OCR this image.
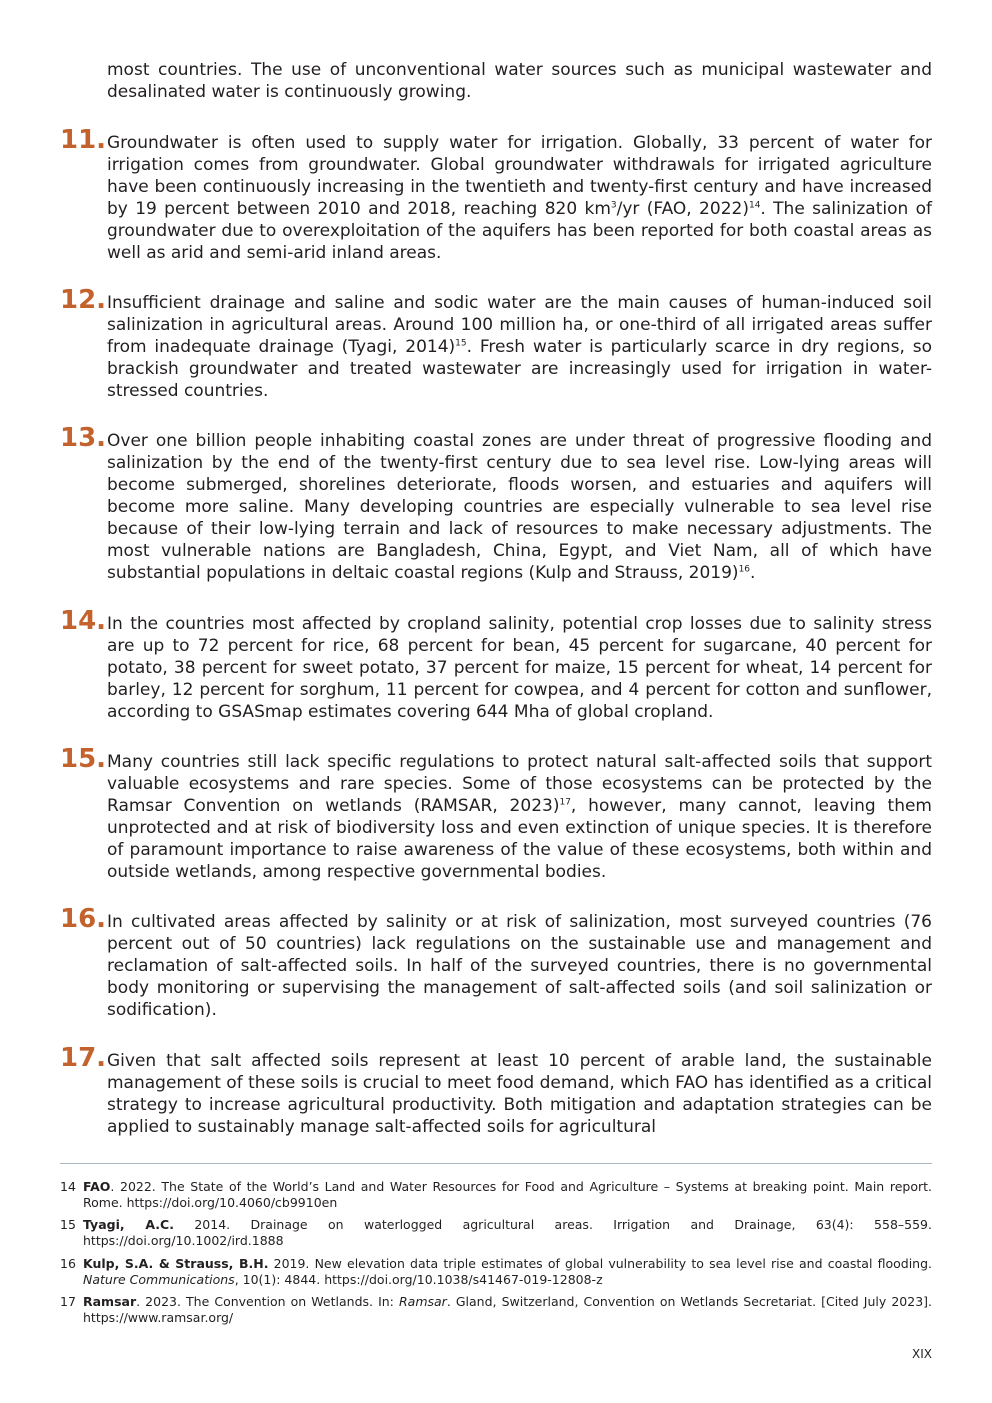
most countries. The use of unconventional water sources such as municipal wastewater and desalinated water is continuously growing.

11. Groundwater is often used to supply water for irrigation. Globally, 33 percent of water for irrigation comes from groundwater. Global groundwater withdrawals for irrigated agriculture have been continuously increasing in the twentieth and twenty-first century and have increased by 19 percent between 2010 and 2018, reaching 820 $km^3/yr$ (FAO, 2022)$^{14}$. The salinization of groundwater due to overexploitation of the aquifers has been reported for both coastal areas as well as arid and semi-arid inland areas.

12. Insufficient drainage and saline and sodic water are the main causes of human-induced soil salinization in agricultural areas. Around 100 million ha, or one-third of all irrigated areas suffer from inadequate drainage (Tyagi, 2014)$^{15}$. Fresh water is particularly scarce in dry regions, so brackish groundwater and treated wastewater are increasingly used for irrigation in water-stressed countries.

13. Over one billion people inhabiting coastal zones are under threat of progressive flooding and salinization by the end of the twenty-first century due to sea level rise. Low-lying areas will become submerged, shorelines deteriorate, floods worsen, and estuaries and aquifers will become more saline. Many developing countries are especially vulnerable to sea level rise because of their low-lying terrain and lack of resources to make necessary adjustments. The most vulnerable nations are Bangladesh, China, Egypt, and Viet Nam, all of which have substantial populations in deltaic coastal regions (Kulp and Strauss, 2019)$^{16}$.

14. In the countries most affected by cropland salinity, potential crop losses due to salinity stress are up to 72 percent for rice, 68 percent for bean, 45 percent for sugarcane, 40 percent for potato, 38 percent for sweet potato, 37 percent for maize, 15 percent for wheat, 14 percent for barley, 12 percent for sorghum, 11 percent for cowpea, and 4 percent for cotton and sunflower, according to GSASmap estimates covering 644 Mha of global cropland.

15. Many countries still lack specific regulations to protect natural salt-affected soils that support valuable ecosystems and rare species. Some of those ecosystems can be protected by the Ramsar Convention on wetlands (RAMSAR, 2023)$^{17}$, however, many cannot, leaving them unprotected and at risk of biodiversity loss and even extinction of unique species. It is therefore of paramount importance to raise awareness of the value of these ecosystems, both within and outside wetlands, among respective governmental bodies.

16. In cultivated areas affected by salinity or at risk of salinization, most surveyed countries (76 percent out of 50 countries) lack regulations on the sustainable use and management and reclamation of salt-affected soils. In half of the surveyed countries, there is no governmental body monitoring or supervising the management of salt-affected soils (and soil salinization or sodification).

17. Given that salt affected soils represent at least 10 percent of arable land, the sustainable management of these soils is crucial to meet food demand, which FAO has identified as a critical strategy to increase agricultural productivity. Both mitigation and adaptation strategies can be applied to sustainably manage salt-affected soils for agricultural

14 FAO. 2022. The State of the World’s Land and Water Resources for Food and Agriculture – Systems at breaking point. Main report. Rome. https://doi.org/10.4060/cb9910en

15 Tyagi, A.C. 2014. Drainage on waterlogged agricultural areas. Irrigation and Drainage, 63(4): 558–559. https://doi.org/10.1002/ird.1888

16 Kulp, S.A. & Strauss, B.H. 2019. New elevation data triple estimates of global vulnerability to sea level rise and coastal flooding. Nature Communications, 10(1): 4844. https://doi.org/10.1038/s41467-019-12808-z

17 Ramsar. 2023. The Convention on Wetlands. In: Ramsar. Gland, Switzerland, Convention on Wetlands Secretariat. [Cited July 2023]. https://www.ramsar.org/

XIX
